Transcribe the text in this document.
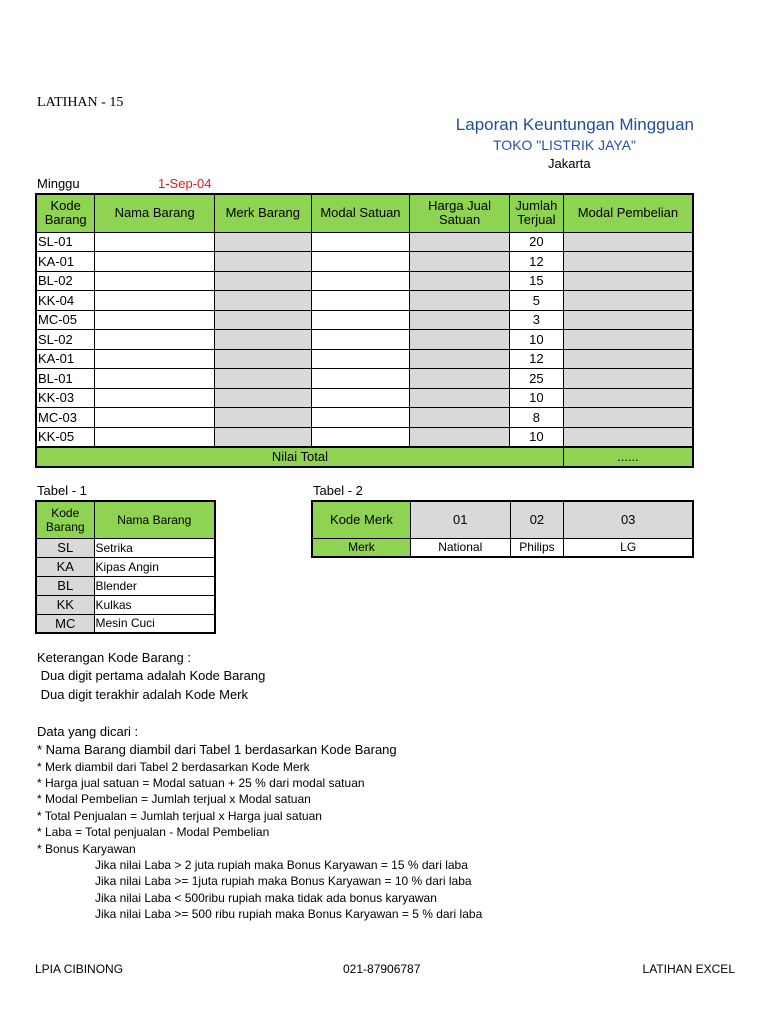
LATIHAN - 15
Laporan Keuntungan Mingguan
TOKO "LISTRIK JAYA"
Jakarta
Minggu	1-Sep-04
Kode Barang	Nama Barang	Merk Barang	Modal Satuan	Harga Jual Satuan	Jumlah Terjual	Modal Pembelian
SL-01					20	
KA-01					12	
BL-02					15	
KK-04					5	
MC-05					3	
SL-02					10	
KA-01					12	
BL-01					25	
KK-03					10	
MC-03					8	
KK-05					10	
Nilai Total						......
Tabel - 1
Kode Barang	Nama Barang
SL	Setrika
KA	Kipas Angin
BL	Blender
KK	Kulkas
MC	Mesin Cuci
Tabel - 2
Kode Merk	01	02	03
Merk	National	Philips	LG
Keterangan Kode Barang :
Dua digit pertama adalah Kode Barang
Dua digit terakhir adalah Kode Merk
Data yang dicari :
* Nama Barang diambil dari Tabel 1 berdasarkan Kode Barang
* Merk diambil dari Tabel 2 berdasarkan Kode Merk
* Harga jual satuan = Modal satuan + 25 % dari modal satuan
* Modal Pembelian = Jumlah terjual x Modal satuan
* Total Penjualan = Jumlah terjual x Harga jual satuan
* Laba = Total penjualan - Modal Pembelian
* Bonus Karyawan
Jika nilai Laba > 2 juta rupiah maka Bonus Karyawan = 15 % dari laba
Jika nilai Laba >= 1juta rupiah maka Bonus Karyawan = 10 % dari laba
Jika nilai Laba < 500ribu rupiah maka tidak ada bonus karyawan
Jika nilai Laba >= 500 ribu rupiah maka Bonus Karyawan = 5 % dari laba
LPIA CIBINONG	021-87906787	LATIHAN EXCEL
